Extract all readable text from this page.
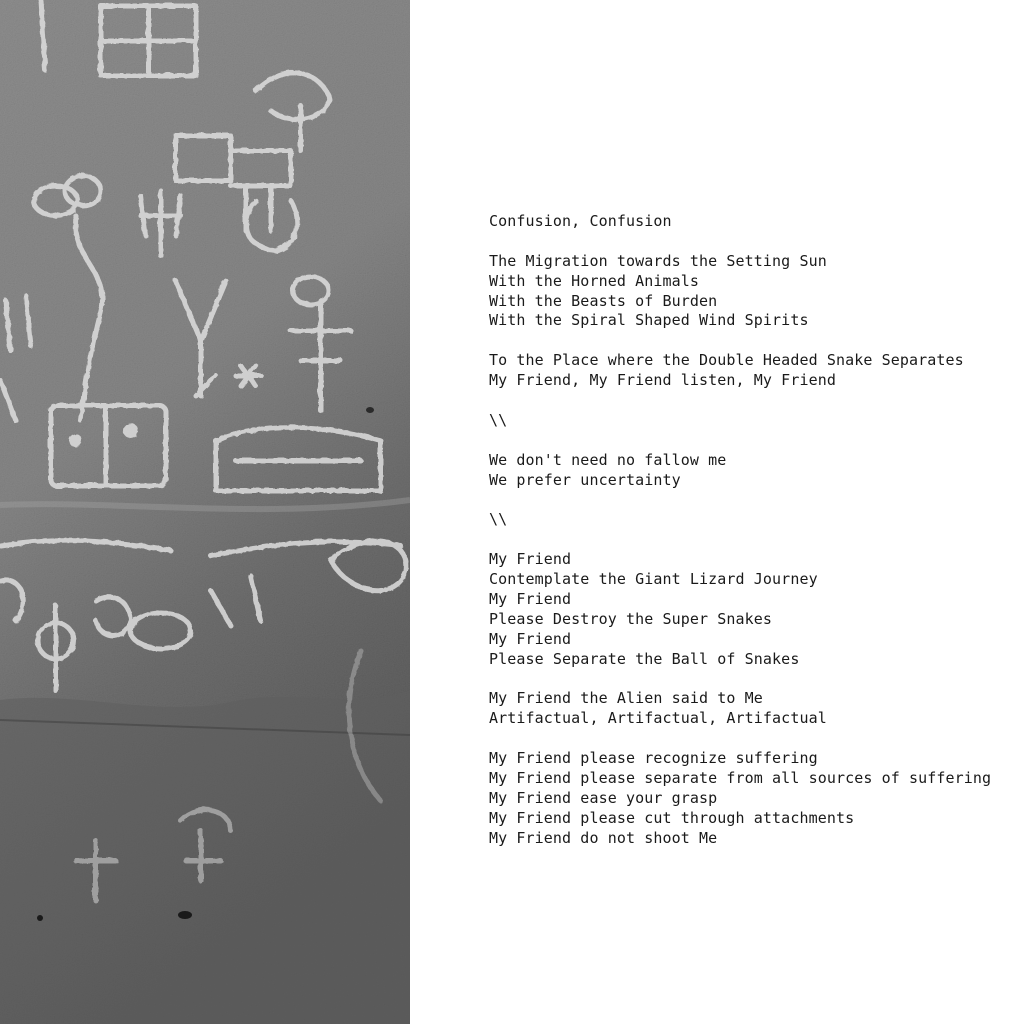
Confusion, Confusion

The Migration towards the Setting Sun
With the Horned Animals
With the Beasts of Burden
With the Spiral Shaped Wind Spirits

To the Place where the Double Headed Snake Separates
My Friend, My Friend listen, My Friend

\\

We don't need no fallow me
We prefer uncertainty

\\

My Friend
Contemplate the Giant Lizard Journey
My Friend
Please Destroy the Super Snakes
My Friend
Please Separate the Ball of Snakes

My Friend the Alien said to Me
Artifactual, Artifactual, Artifactual

My Friend please recognize suffering
My Friend please separate from all sources of suffering
My Friend ease your grasp
My Friend please cut through attachments
My Friend do not shoot Me
